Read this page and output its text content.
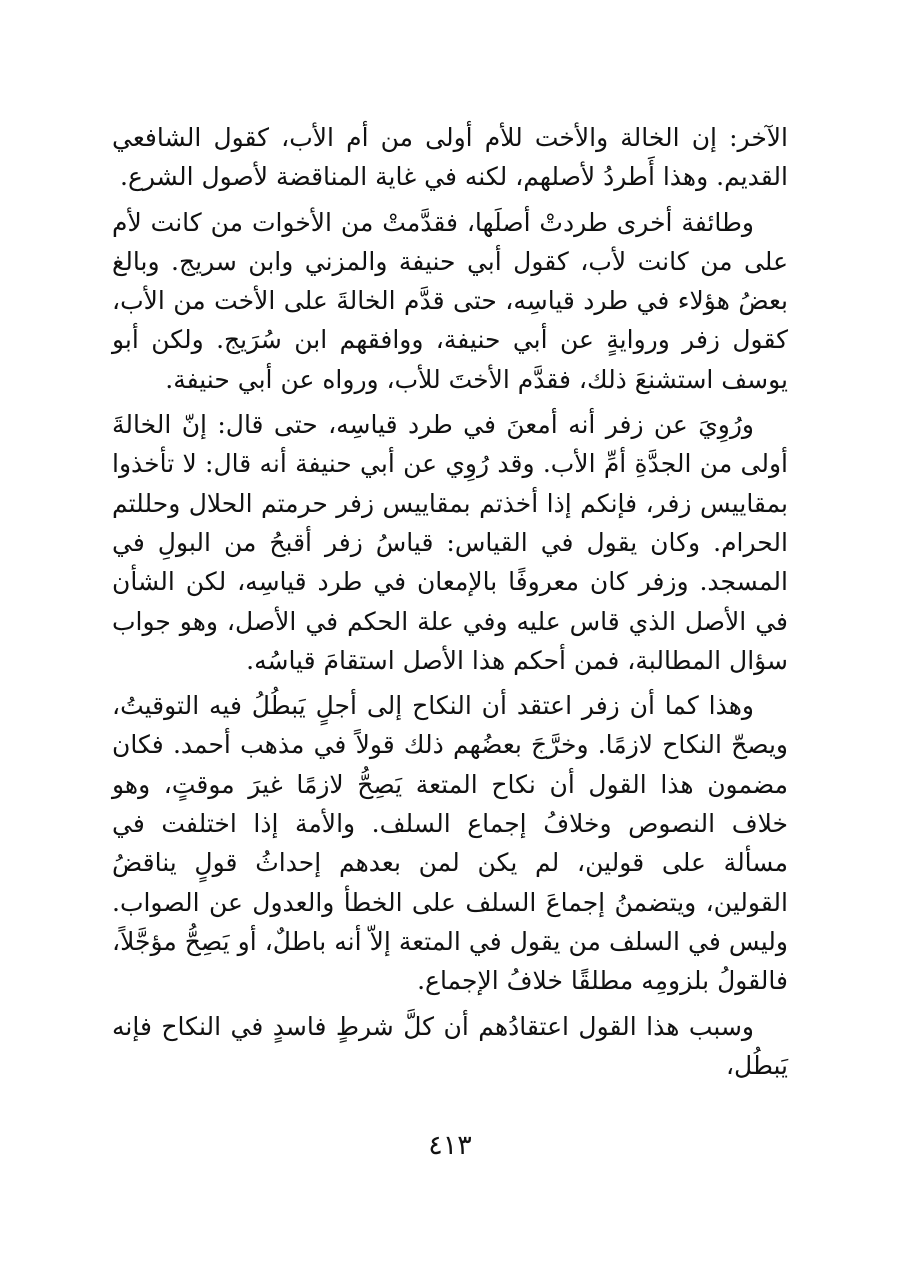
الآخر: إن الخالة والأخت للأم أولى من أم الأب، كقول الشافعي القديم. وهذا أَطردُ لأصلهم، لكنه في غاية المناقضة لأصول الشرع.

وطائفة أخرى طردتْ أصلَها، فقدَّمتْ من الأخوات من كانت لأم على من كانت لأب، كقول أبي حنيفة والمزني وابن سريج. وبالغ بعضُ هؤلاء في طرد قياسِه، حتى قدَّم الخالةَ على الأخت من الأب، كقول زفر وروايةٍ عن أبي حنيفة، ووافقهم ابن سُرَيج. ولكن أبو يوسف استشنعَ ذلك، فقدَّم الأختَ للأب، ورواه عن أبي حنيفة.

ورُوِيَ عن زفر أنه أمعنَ في طرد قياسِه، حتى قال: إنّ الخالةَ أولى من الجدَّةِ أمِّ الأب. وقد رُوِي عن أبي حنيفة أنه قال: لا تأخذوا بمقاييس زفر، فإنكم إذا أخذتم بمقاييس زفر حرمتم الحلال وحللتم الحرام. وكان يقول في القياس: قياسُ زفر أقبحُ من البولِ في المسجد. وزفر كان معروفًا بالإمعان في طرد قياسِه، لكن الشأن في الأصل الذي قاس عليه وفي علة الحكم في الأصل، وهو جواب سؤال المطالبة، فمن أحكم هذا الأصل استقامَ قياسُه.

وهذا كما أن زفر اعتقد أن النكاح إلى أجلٍ يَبطُلُ فيه التوقيتُ، ويصحّ النكاح لازمًا. وخرَّجَ بعضُهم ذلك قولاً في مذهب أحمد. فكان مضمون هذا القول أن نكاح المتعة يَصِحُّ لازمًا غيرَ موقتٍ، وهو خلاف النصوص وخلافُ إجماع السلف. والأمة إذا اختلفت في مسألة على قولين، لم يكن لمن بعدهم إحداثُ قولٍ يناقضُ القولين، ويتضمنُ إجماعَ السلف على الخطأ والعدول عن الصواب. وليس في السلف من يقول في المتعة إلاّ أنه باطلٌ، أو يَصِحُّ مؤجَّلاً، فالقولُ بلزومِه مطلقًا خلافُ الإجماع.

وسبب هذا القول اعتقادُهم أن كلَّ شرطٍ فاسدٍ في النكاح فإنه يَبطُل،

٤١٣
